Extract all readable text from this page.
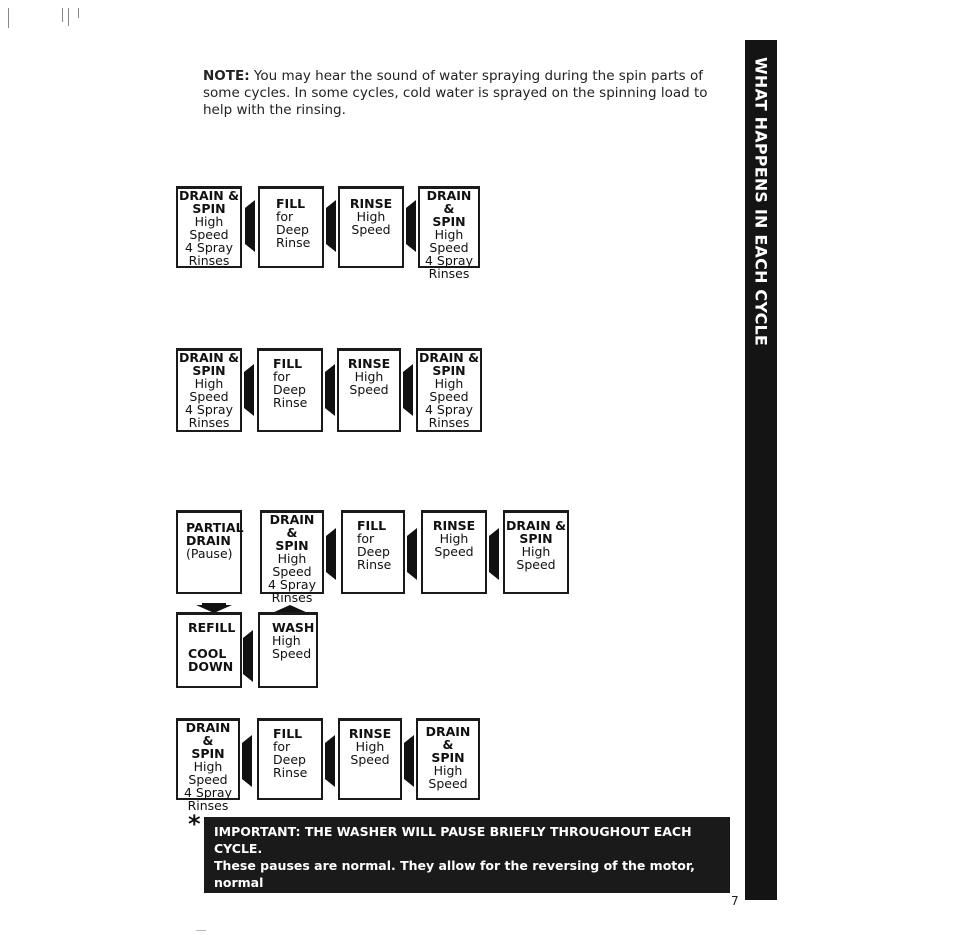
NOTE: You may hear the sound of water spraying during the spin parts of some cycles. In some cycles, cold water is sprayed on the spinning load to help with the rinsing.
DRAIN &
SPIN
High
Speed
4 Spray
Rinses
FILL
for
Deep
Rinse
RINSE
High
Speed
DRAIN &
SPIN
High
Speed
4 Spray
Rinses
DRAIN &
SPIN
High
Speed
4 Spray
Rinses
FILL
for
Deep
Rinse
RINSE
High
Speed
DRAIN &
SPIN
High
Speed
4 Spray
Rinses
PARTIAL
DRAIN
(Pause)
DRAIN &
SPIN
High
Speed
4 Spray
Rinses
FILL
for
Deep
Rinse
RINSE
High
Speed
DRAIN &
SPIN
High
Speed
REFILL

COOL
DOWN
WASH
High
Speed
DRAIN &
SPIN
High
Speed
4 Spray
Rinses
FILL
for
Deep
Rinse
RINSE
High
Speed
DRAIN &
SPIN
High
Speed
WHAT HAPPENS IN EACH CYCLE
* IMPORTANT: THE WASHER WILL PAUSE BRIEFLY THROUGHOUT EACH CYCLE.
These pauses are normal. They allow for the reversing of the motor, normal
washer operations, and the cool down portion of the PERMANENT PRESS
Cycle.
7
